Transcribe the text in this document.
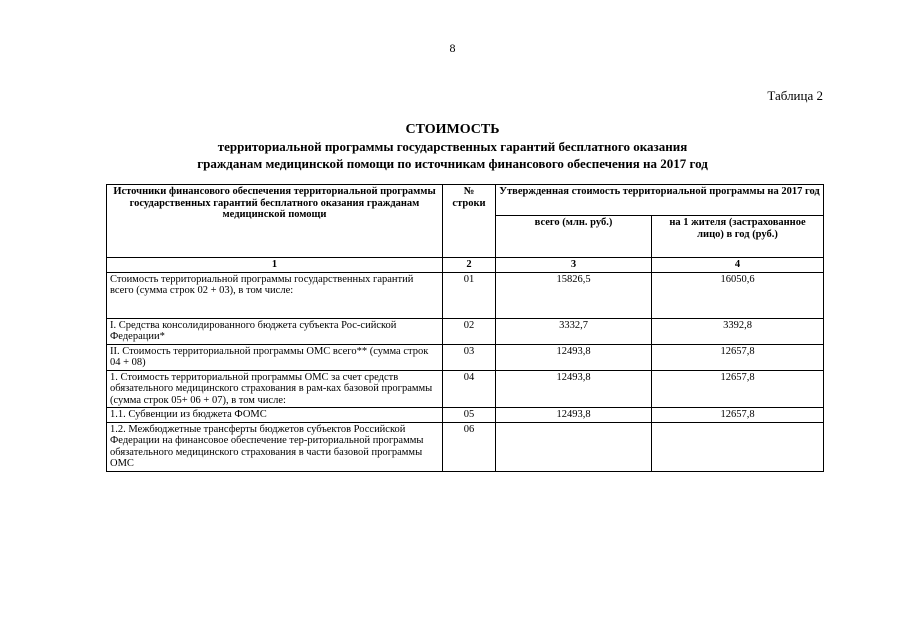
8
Таблица 2
СТОИМОСТЬ
территориальной программы государственных гарантий бесплатного оказания
гражданам медицинской помощи по источникам финансового обеспечения на 2017 год
Источники финансового обеспечения территориальной программы государственных гарантий бесплатного оказания гражданам медицинской помощи	№ строки	Утвержденная стоимость территориальной программы на 2017 год	
		всего (млн. руб.)	на 1 жителя (застрахованное лицо) в год (руб.)
1	2	3	4
Стоимость территориальной программы государственных гарантий всего (сумма строк 02 + 03), в том числе:	01	15826,5	16050,6
I. Средства консолидированного бюджета субъекта Рос-сийской Федерации*	02	3332,7	3392,8
II. Стоимость территориальной программы ОМС всего** (сумма строк 04 + 08)	03	12493,8	12657,8
1. Стоимость территориальной программы ОМС за счет средств обязательного медицинского страхования в рам-ках базовой программы (сумма строк 05+ 06 + 07), в том числе:	04	12493,8	12657,8
1.1. Субвенции из бюджета ФОМС	05	12493,8	12657,8
1.2. Межбюджетные трансферты бюджетов субъектов Российской Федерации на финансовое обеспечение тер-риториальной программы обязательного медицинского страхования в части базовой программы ОМС	06		
